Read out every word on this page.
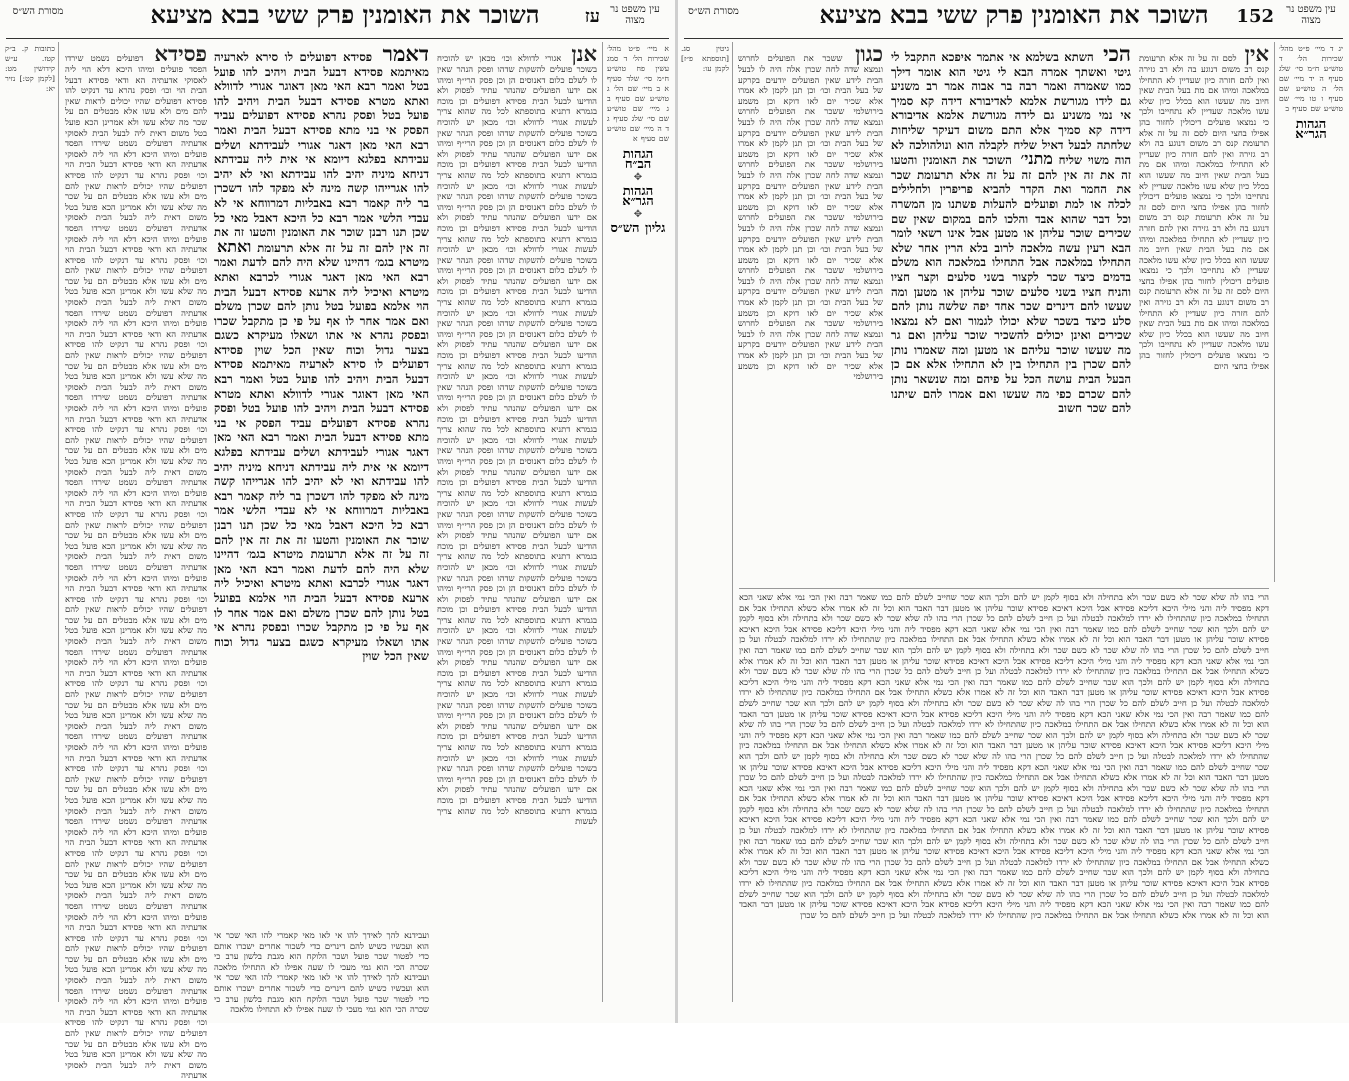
עין משפט נר מצוה
עז
השוכר את האומנין פרק ששי בבא מציעא
מסורת הש״ס
א מיי׳ פ״ט מהל׳ שכירות הל׳ ד סמג עשין פח טוש״ע ח״מ סי׳ שלד סעיף א ב מיי׳ שם הל׳ ג טוש״ע שם סעיף ב ג מיי׳ שם טוש״ע שם סי׳ שלג סעיף ג ד ה מיי׳ שם טוש״ע שם סעיף א
הגהות הב״ח
✥
הגהות הגר״א
✥
גליון הש״ס
אנן אגורי לדוולא וכו׳ מכאן יש להוכיח בשוכר פועלים להשקות שדהו ופסק הנהר שאין לו לשלם כלום דאנוסים הן וכן פסק הרי״ף ומיהו אם ידעו הפועלים שהנהר עתיד לפסוק ולא הודיעו לבעל הבית פסידא דפועלים וכן מוכח בגמרא דתניא בתוספתא לכל מה שהוא צריך לעשות אגורי לדוולא וכו׳ מכאן יש להוכיח בשוכר פועלים להשקות שדהו ופסק הנהר שאין לו לשלם כלום דאנוסים הן וכן פסק הרי״ף ומיהו אם ידעו הפועלים שהנהר עתיד לפסוק ולא הודיעו לבעל הבית פסידא דפועלים וכן מוכח בגמרא דתניא בתוספתא לכל מה שהוא צריך לעשות אגורי לדוולא וכו׳ מכאן יש להוכיח בשוכר פועלים להשקות שדהו ופסק הנהר שאין לו לשלם כלום דאנוסים הן וכן פסק הרי״ף ומיהו אם ידעו הפועלים שהנהר עתיד לפסוק ולא הודיעו לבעל הבית פסידא דפועלים וכן מוכח בגמרא דתניא בתוספתא לכל מה שהוא צריך לעשות אגורי לדוולא וכו׳ מכאן יש להוכיח בשוכר פועלים להשקות שדהו ופסק הנהר שאין לו לשלם כלום דאנוסים הן וכן פסק הרי״ף ומיהו אם ידעו הפועלים שהנהר עתיד לפסוק ולא הודיעו לבעל הבית פסידא דפועלים וכן מוכח בגמרא דתניא בתוספתא לכל מה שהוא צריך לעשות אגורי לדוולא וכו׳ מכאן יש להוכיח בשוכר פועלים להשקות שדהו ופסק הנהר שאין לו לשלם כלום דאנוסים הן וכן פסק הרי״ף ומיהו אם ידעו הפועלים שהנהר עתיד לפסוק ולא הודיעו לבעל הבית פסידא דפועלים וכן מוכח בגמרא דתניא בתוספתא לכל מה שהוא צריך לעשות אגורי לדוולא וכו׳ מכאן יש להוכיח בשוכר פועלים להשקות שדהו ופסק הנהר שאין לו לשלם כלום דאנוסים הן וכן פסק הרי״ף ומיהו אם ידעו הפועלים שהנהר עתיד לפסוק ולא הודיעו לבעל הבית פסידא דפועלים וכן מוכח בגמרא דתניא בתוספתא לכל מה שהוא צריך לעשות אגורי לדוולא וכו׳ מכאן יש להוכיח בשוכר פועלים להשקות שדהו ופסק הנהר שאין לו לשלם כלום דאנוסים הן וכן פסק הרי״ף ומיהו אם ידעו הפועלים שהנהר עתיד לפסוק ולא הודיעו לבעל הבית פסידא דפועלים וכן מוכח בגמרא דתניא בתוספתא לכל מה שהוא צריך לעשות אגורי לדוולא וכו׳ מכאן יש להוכיח בשוכר פועלים להשקות שדהו ופסק הנהר שאין לו לשלם כלום דאנוסים הן וכן פסק הרי״ף ומיהו אם ידעו הפועלים שהנהר עתיד לפסוק ולא הודיעו לבעל הבית פסידא דפועלים וכן מוכח בגמרא דתניא בתוספתא לכל מה שהוא צריך לעשות אגורי לדוולא וכו׳ מכאן יש להוכיח בשוכר פועלים להשקות שדהו ופסק הנהר שאין לו לשלם כלום דאנוסים הן וכן פסק הרי״ף ומיהו אם ידעו הפועלים שהנהר עתיד לפסוק ולא הודיעו לבעל הבית פסידא דפועלים וכן מוכח בגמרא דתניא בתוספתא לכל מה שהוא צריך לעשות אגורי לדוולא וכו׳ מכאן יש להוכיח בשוכר פועלים להשקות שדהו ופסק הנהר שאין לו לשלם כלום דאנוסים הן וכן פסק הרי״ף ומיהו אם ידעו הפועלים שהנהר עתיד לפסוק ולא הודיעו לבעל הבית פסידא דפועלים וכן מוכח בגמרא דתניא בתוספתא לכל מה שהוא צריך לעשות אגורי לדוולא וכו׳ מכאן יש להוכיח בשוכר פועלים להשקות שדהו ופסק הנהר שאין לו לשלם כלום דאנוסים הן וכן פסק הרי״ף ומיהו אם ידעו הפועלים שהנהר עתיד לפסוק ולא הודיעו לבעל הבית פסידא דפועלים וכן מוכח בגמרא דתניא בתוספתא לכל מה שהוא צריך לעשות אגורי לדוולא וכו׳ מכאן יש להוכיח בשוכר פועלים להשקות שדהו ופסק הנהר שאין לו לשלם כלום דאנוסים הן וכן פסק הרי״ף ומיהו אם ידעו הפועלים שהנהר עתיד לפסוק ולא הודיעו לבעל הבית פסידא דפועלים וכן מוכח בגמרא דתניא בתוספתא לכל מה שהוא צריך לעשות
דאמר פסידא דפועלים לו סירא לארעיה מאיתמא פסידא דבעל הבית ויהיב להו פועל בטל ואמר רבא האי מאן דאוגר אגורי לדוולא ואתא מטרא פסידא דבעל הבית ויהיב להו פועל בטל ופסק נהרא פסידא דפועלים עביד הפסק אי בני מתא פסידא דבעל הבית ואמר רבא האי מאן דאגר אגורי לעבידתא ושלים עבידתא בפלגא דיומא אי אית ליה עבידתא דניחא מיניה יהיב להו עבידתא ואי לא יהיב להו אגרייהו קשה מינה לא מפקד להו דשכרן בר ליה קאמר רבא באבליות דמרווחא אי לא עבדי הלשי אמר רבא כל היכא דאבל מאי כל שכן תנו רבנן שוכר את האומנין והטעו זה את זה אין להם זה על זה אלא תרעומת ואתא מיטרא בגמ׳ דהיינו שלא היה להם לדעת ואמר רבא האי מאן דאגר אגורי לכרבא ואתא מיטרא ואיכיל ליה ארעא פסידא דבעל הבית הוי אלמא בפועל בטל נותן להם שכרן משלם ואם אמר אחר לו אף על פי כן מתקבל שכרו ובפסק נהרא אי אתו ושאלו מעיקרא כשגם בצער גדול וכוח שאין הכל שוין פסידא דפועלים לו סירא לארעיה מאיתמא פסידא דבעל הבית ויהיב להו פועל בטל ואמר רבא האי מאן דאוגר אגורי לדוולא ואתא מטרא פסידא דבעל הבית ויהיב להו פועל בטל ופסק נהרא פסידא דפועלים עביד הפסק אי בני מתא פסידא דבעל הבית ואמר רבא האי מאן דאגר אגורי לעבידתא ושלים עבידתא בפלגא דיומא אי אית ליה עבידתא דניחא מיניה יהיב להו עבידתא ואי לא יהיב להו אגרייהו קשה מינה לא מפקד להו דשכרן בר ליה קאמר רבא באבליות דמרווחא אי לא עבדי הלשי אמר רבא כל היכא דאבל מאי כל שכן תנו רבנן שוכר את האומנין והטעו זה את זה אין להם זה על זה אלא תרעומת מיטרא בגמ׳ דהיינו שלא היה להם לדעת ואמר רבא האי מאן דאגר אגורי לכרבא ואתא מיטרא ואיכיל ליה ארעא פסידא דבעל הבית הוי אלמא בפועל בטל נותן להם שכרן משלם ואם אמר אחר לו אף על פי כן מתקבל שכרו ובפסק נהרא אי אתו ושאלו מעיקרא כשגם בצער גדול וכוח שאין הכל שוין
פסידא דפועלים נשמט שירדו הפסד פועלים ומיהו היכא דלא הוי ליה לאסוקי אדעתיה הא ודאי פסידא דבעל הבית הוי וכו׳ ופסק נהרא עד דנקיט להו פסידא דפועלים שהיו יכולים לראות שאין להם מים ולא עשו אלא מבטלים הם על שכר מה שלא עשו ולא אמרינן הכא פועל בטל משום דאית ליה לבעל הבית לאסוקי אדעתיה דפועלים נשמט שירדו הפסד פועלים ומיהו היכא דלא הוי ליה לאסוקי אדעתיה הא ודאי פסידא דבעל הבית הוי וכו׳ ופסק נהרא עד דנקיט להו פסידא דפועלים שהיו יכולים לראות שאין להם מים ולא עשו אלא מבטלים הם על שכר מה שלא עשו ולא אמרינן הכא פועל בטל משום דאית ליה לבעל הבית לאסוקי אדעתיה דפועלים נשמט שירדו הפסד פועלים ומיהו היכא דלא הוי ליה לאסוקי אדעתיה הא ודאי פסידא דבעל הבית הוי וכו׳ ופסק נהרא עד דנקיט להו פסידא דפועלים שהיו יכולים לראות שאין להם מים ולא עשו אלא מבטלים הם על שכר מה שלא עשו ולא אמרינן הכא פועל בטל משום דאית ליה לבעל הבית לאסוקי אדעתיה דפועלים נשמט שירדו הפסד פועלים ומיהו היכא דלא הוי ליה לאסוקי אדעתיה הא ודאי פסידא דבעל הבית הוי וכו׳ ופסק נהרא עד דנקיט להו פסידא דפועלים שהיו יכולים לראות שאין להם מים ולא עשו אלא מבטלים הם על שכר מה שלא עשו ולא אמרינן הכא פועל בטל משום דאית ליה לבעל הבית לאסוקי אדעתיה דפועלים נשמט שירדו הפסד פועלים ומיהו היכא דלא הוי ליה לאסוקי אדעתיה הא ודאי פסידא דבעל הבית הוי וכו׳ ופסק נהרא עד דנקיט להו פסידא דפועלים שהיו יכולים לראות שאין להם מים ולא עשו אלא מבטלים הם על שכר מה שלא עשו ולא אמרינן הכא פועל בטל משום דאית ליה לבעל הבית לאסוקי אדעתיה דפועלים נשמט שירדו הפסד פועלים ומיהו היכא דלא הוי ליה לאסוקי אדעתיה הא ודאי פסידא דבעל הבית הוי וכו׳ ופסק נהרא עד דנקיט להו פסידא דפועלים שהיו יכולים לראות שאין להם מים ולא עשו אלא מבטלים הם על שכר מה שלא עשו ולא אמרינן הכא פועל בטל משום דאית ליה לבעל הבית לאסוקי אדעתיה דפועלים נשמט שירדו הפסד פועלים ומיהו היכא דלא הוי ליה לאסוקי אדעתיה הא ודאי פסידא דבעל הבית הוי וכו׳ ופסק נהרא עד דנקיט להו פסידא דפועלים שהיו יכולים לראות שאין להם מים ולא עשו אלא מבטלים הם על שכר מה שלא עשו ולא אמרינן הכא פועל בטל משום דאית ליה לבעל הבית לאסוקי אדעתיה דפועלים נשמט שירדו הפסד פועלים ומיהו היכא דלא הוי ליה לאסוקי אדעתיה הא ודאי פסידא דבעל הבית הוי וכו׳ ופסק נהרא עד דנקיט להו פסידא דפועלים שהיו יכולים לראות שאין להם מים ולא עשו אלא מבטלים הם על שכר מה שלא עשו ולא אמרינן הכא פועל בטל משום דאית ליה לבעל הבית לאסוקי אדעתיה דפועלים נשמט שירדו הפסד פועלים ומיהו היכא דלא הוי ליה לאסוקי אדעתיה הא ודאי פסידא דבעל הבית הוי וכו׳ ופסק נהרא עד דנקיט להו פסידא דפועלים שהיו יכולים לראות שאין להם מים ולא עשו אלא מבטלים הם על שכר מה שלא עשו ולא אמרינן הכא פועל בטל משום דאית ליה לבעל הבית לאסוקי אדעתיה דפועלים נשמט שירדו הפסד פועלים ומיהו היכא דלא הוי ליה לאסוקי אדעתיה הא ודאי פסידא דבעל הבית הוי וכו׳ ופסק נהרא עד דנקיט להו פסידא דפועלים שהיו יכולים לראות שאין להם מים ולא עשו אלא מבטלים הם על שכר מה שלא עשו ולא אמרינן הכא פועל בטל משום דאית ליה לבעל הבית לאסוקי אדעתיה דפועלים נשמט שירדו הפסד פועלים ומיהו היכא דלא הוי ליה לאסוקי אדעתיה הא ודאי פסידא דבעל הבית הוי וכו׳ ופסק נהרא עד דנקיט להו פסידא דפועלים שהיו יכולים לראות שאין להם מים ולא עשו אלא מבטלים הם על שכר מה שלא עשו ולא אמרינן הכא פועל בטל משום דאית ליה לבעל הבית לאסוקי אדעתיה דפועלים נשמט שירדו הפסד פועלים ומיהו היכא דלא הוי ליה לאסוקי אדעתיה הא ודאי פסידא דבעל הבית הוי וכו׳ ופסק נהרא עד דנקיט להו פסידא דפועלים שהיו יכולים לראות שאין להם מים ולא עשו אלא מבטלים הם על שכר מה שלא עשו ולא אמרינן הכא פועל בטל משום דאית ליה לבעל הבית לאסוקי אדעתיה
כתובות ק. ב״ק קטז. ע״ש קידושין מט: [לקמן קט:] נזיר יא:
ועבידנא להך לאידך להו אי לאו מאי קאמרי להו האי שכר אי הוא ועכשיו כשיש להם דינרים כדי לשכור אחרים ישכרו אותם כדי לפטור שכר פועל ושכר הלוקח הוא מגבת בלשון ערב כי שכרה הכי הוא גמי מעכי לו שעה אפילו לא התחילו מלאכה ועבידנא להך לאידך להו אי לאו מאי קאמרי להו האי שכר אי הוא ועכשיו כשיש להם דינרים כדי לשכור אחרים ישכרו אותם כדי לפטור שכר פועל ושכר הלוקח הוא מגבת בלשון ערב כי שכרה הכי הוא גמי מעכי לו שעה אפילו לא התחילו מלאכה
עין משפט נר מצוה
152
השוכר את האומנין פרק ששי בבא מציעא
מסורת הש״ס
יג ד מיי׳ פ״ט מהל׳ שכירות הל׳ ד טוש״ע ח״מ סי׳ שלג סעיף ה יד מיי׳ שם הל׳ ה טוש״ע שם סעיף ו טו מיי׳ שם טוש״ע שם סעיף ב
הגהות הגר״א
אין לסם זה על זה אלא תרעומת קנס רב משום דנוגע בה ולא רב גזירה ואין להם חזרה כיון שעדיין לא התחילו במלאכה ומיהו אם מת בעל הבית שאין חיוב מה שעשו הוא בכלל כיון שלא עשו מלאכה שעדיין לא נתחייבו ולכך כי נמצאו פועלים דיכולין לחזור בהן אפילו בחצי היום לסם זה על זה אלא תרעומת קנס רב משום דנוגע בה ולא רב גזירה ואין להם חזרה כיון שעדיין לא התחילו במלאכה ומיהו אם מת בעל הבית שאין חיוב מה שעשו הוא בכלל כיון שלא עשו מלאכה שעדיין לא נתחייבו ולכך כי נמצאו פועלים דיכולין לחזור בהן אפילו בחצי היום לסם זה על זה אלא תרעומת קנס רב משום דנוגע בה ולא רב גזירה ואין להם חזרה כיון שעדיין לא התחילו במלאכה ומיהו אם מת בעל הבית שאין חיוב מה שעשו הוא בכלל כיון שלא עשו מלאכה שעדיין לא נתחייבו ולכך כי נמצאו פועלים דיכולין לחזור בהן אפילו בחצי היום לסם זה על זה אלא תרעומת קנס רב משום דנוגע בה ולא רב גזירה ואין להם חזרה כיון שעדיין לא התחילו במלאכה ומיהו אם מת בעל הבית שאין חיוב מה שעשו הוא בכלל כיון שלא עשו מלאכה שעדיין לא נתחייבו ולכך כי נמצאו פועלים דיכולין לחזור בהן אפילו בחצי היום
הכי השתא בשלמא אי אתמר איפכא התקבל לי גיטי ואשתך אמרה הבא לי גיטי הוא אומר דילך כמו שאמרה ואמר רבה בר אבוה אמר רב משניע גם לידו מגורשת אלמא לאדיבורא דידה קא סמיך אי נמי משניע גם לידה מגורשת אלמא אדיבורא דידה קא סמיך אלא התם משום דעיקר שליחות שלחתה לבעל דאיל שליח לקבלה הוא ונולהולכה לא הוה משוי שליח מתני׳ השוכר את האומנין והטעו זה את זה אין להם זה על זה אלא תרעומת שכר את החמר ואת הקדר להביא פריפרין ולחלילים לכלה או למת ופועלים להעלות פשתנו מן המשרה וכל דבר שהוא אבד והלכו להם במקום שאין שם שכירים שוכר עליהן או מטען אבל אינו רשאי לומר הבא רעין עשה מלאכה לרוב בלא הרין אחר שלא התחילו במלאכה אבל התחילו במלאכה הוא משלם בדמים כיצד שכר לקצור בשני סלעים וקצר חציו והניח חציו בשני סלעים שוכר עליהן או מטען ומה שעשו להם דינרים שכר אחד יפה שלשה נותן להם סלע כיצד בשכר שלא יכולו לגמור ואם לא נמצאו שכירים ואינן יכולים להשכיר שוכר עליהן ואם גר מה שעשו שוכר עליהם או מטען ומה שאמרו נותן להם שכרן בין התחילו בין לא התחילו אלא אם כן הבעל הבית עושה הכל על פיהם ומה שנשאר נותן להם שכרם כפי מה שעשו ואם אמרו להם שיתנו להם שכר חשוב
כגון ששכר את הפועלים לחרוש ונמצא שדה לחה שכרן אלה היה לו לבעל הבית לידע שאין הפועלים יודעים בקרקע של בעל הבית וכו׳ וכן תנן לקמן לא אמרו אלא שכיר יום לאו דוקא וכן משמע בירושלמי ששכר את הפועלים לחרוש ונמצא שדה לחה שכרן אלה היה לו לבעל הבית לידע שאין הפועלים יודעים בקרקע של בעל הבית וכו׳ וכן תנן לקמן לא אמרו אלא שכיר יום לאו דוקא וכן משמע בירושלמי ששכר את הפועלים לחרוש ונמצא שדה לחה שכרן אלה היה לו לבעל הבית לידע שאין הפועלים יודעים בקרקע של בעל הבית וכו׳ וכן תנן לקמן לא אמרו אלא שכיר יום לאו דוקא וכן משמע בירושלמי ששכר את הפועלים לחרוש ונמצא שדה לחה שכרן אלה היה לו לבעל הבית לידע שאין הפועלים יודעים בקרקע של בעל הבית וכו׳ וכן תנן לקמן לא אמרו אלא שכיר יום לאו דוקא וכן משמע בירושלמי ששכר את הפועלים לחרוש ונמצא שדה לחה שכרן אלה היה לו לבעל הבית לידע שאין הפועלים יודעים בקרקע של בעל הבית וכו׳ וכן תנן לקמן לא אמרו אלא שכיר יום לאו דוקא וכן משמע בירושלמי ששכר את הפועלים לחרוש ונמצא שדה לחה שכרן אלה היה לו לבעל הבית לידע שאין הפועלים יודעים בקרקע של בעל הבית וכו׳ וכן תנן לקמן לא אמרו אלא שכיר יום לאו דוקא וכן משמע בירושלמי
גיטין סג. [תוספתא פ״ז] לקמן עו:
הרי בהו לה שלא שכר לא כשם שכר ולא בתחילה ולא בסוף לקמן יש להם ולכך הוא שכר שחייב לשלם להם כמו שאמר רבה ואין הכי נמי אלא שאני הכא דקא מפסיד ליה והני מילי היכא דליכא פסידא אבל היכא דאיכא פסידא שוכר עליהן או מטען דבר האבד הוא וכל זה לא אמרו אלא כשלא התחילו אבל אם התחילו במלאכה כיון שהתחילו לא ירדו למלאכה לבטלה ועל כן חייב לשלם להם כל שכרן הרי בהו לה שלא שכר לא כשם שכר ולא בתחילה ולא בסוף לקמן יש להם ולכך הוא שכר שחייב לשלם להם כמו שאמר רבה ואין הכי נמי אלא שאני הכא דקא מפסיד ליה והני מילי היכא דליכא פסידא אבל היכא דאיכא פסידא שוכר עליהן או מטען דבר האבד הוא וכל זה לא אמרו אלא כשלא התחילו אבל אם התחילו במלאכה כיון שהתחילו לא ירדו למלאכה לבטלה ועל כן חייב לשלם להם כל שכרן הרי בהו לה שלא שכר לא כשם שכר ולא בתחילה ולא בסוף לקמן יש להם ולכך הוא שכר שחייב לשלם להם כמו שאמר רבה ואין הכי נמי אלא שאני הכא דקא מפסיד ליה והני מילי היכא דליכא פסידא אבל היכא דאיכא פסידא שוכר עליהן או מטען דבר האבד הוא וכל זה לא אמרו אלא כשלא התחילו אבל אם התחילו במלאכה כיון שהתחילו לא ירדו למלאכה לבטלה ועל כן חייב לשלם להם כל שכרן הרי בהו לה שלא שכר לא כשם שכר ולא בתחילה ולא בסוף לקמן יש להם ולכך הוא שכר שחייב לשלם להם כמו שאמר רבה ואין הכי נמי אלא שאני הכא דקא מפסיד ליה והני מילי היכא דליכא פסידא אבל היכא דאיכא פסידא שוכר עליהן או מטען דבר האבד הוא וכל זה לא אמרו אלא כשלא התחילו אבל אם התחילו במלאכה כיון שהתחילו לא ירדו למלאכה לבטלה ועל כן חייב לשלם להם כל שכרן הרי בהו לה שלא שכר לא כשם שכר ולא בתחילה ולא בסוף לקמן יש להם ולכך הוא שכר שחייב לשלם להם כמו שאמר רבה ואין הכי נמי אלא שאני הכא דקא מפסיד ליה והני מילי היכא דליכא פסידא אבל היכא דאיכא פסידא שוכר עליהן או מטען דבר האבד הוא וכל זה לא אמרו אלא כשלא התחילו אבל אם התחילו במלאכה כיון שהתחילו לא ירדו למלאכה לבטלה ועל כן חייב לשלם להם כל שכרן הרי בהו לה שלא שכר לא כשם שכר ולא בתחילה ולא בסוף לקמן יש להם ולכך הוא שכר שחייב לשלם להם כמו שאמר רבה ואין הכי נמי אלא שאני הכא דקא מפסיד ליה והני מילי היכא דליכא פסידא אבל היכא דאיכא פסידא שוכר עליהן או מטען דבר האבד הוא וכל זה לא אמרו אלא כשלא התחילו אבל אם התחילו במלאכה כיון שהתחילו לא ירדו למלאכה לבטלה ועל כן חייב לשלם להם כל שכרן הרי בהו לה שלא שכר לא כשם שכר ולא בתחילה ולא בסוף לקמן יש להם ולכך הוא שכר שחייב לשלם להם כמו שאמר רבה ואין הכי נמי אלא שאני הכא דקא מפסיד ליה והני מילי היכא דליכא פסידא אבל היכא דאיכא פסידא שוכר עליהן או מטען דבר האבד הוא וכל זה לא אמרו אלא כשלא התחילו אבל אם התחילו במלאכה כיון שהתחילו לא ירדו למלאכה לבטלה ועל כן חייב לשלם להם כל שכרן הרי בהו לה שלא שכר לא כשם שכר ולא בתחילה ולא בסוף לקמן יש להם ולכך הוא שכר שחייב לשלם להם כמו שאמר רבה ואין הכי נמי אלא שאני הכא דקא מפסיד ליה והני מילי היכא דליכא פסידא אבל היכא דאיכא פסידא שוכר עליהן או מטען דבר האבד הוא וכל זה לא אמרו אלא כשלא התחילו אבל אם התחילו במלאכה כיון שהתחילו לא ירדו למלאכה לבטלה ועל כן חייב לשלם להם כל שכרן הרי בהו לה שלא שכר לא כשם שכר ולא בתחילה ולא בסוף לקמן יש להם ולכך הוא שכר שחייב לשלם להם כמו שאמר רבה ואין הכי נמי אלא שאני הכא דקא מפסיד ליה והני מילי היכא דליכא פסידא אבל היכא דאיכא פסידא שוכר עליהן או מטען דבר האבד הוא וכל זה לא אמרו אלא כשלא התחילו אבל אם התחילו במלאכה כיון שהתחילו לא ירדו למלאכה לבטלה ועל כן חייב לשלם להם כל שכרן הרי בהו לה שלא שכר לא כשם שכר ולא בתחילה ולא בסוף לקמן יש להם ולכך הוא שכר שחייב לשלם להם כמו שאמר רבה ואין הכי נמי אלא שאני הכא דקא מפסיד ליה והני מילי היכא דליכא פסידא אבל היכא דאיכא פסידא שוכר עליהן או מטען דבר האבד הוא וכל זה לא אמרו אלא כשלא התחילו אבל אם התחילו במלאכה כיון שהתחילו לא ירדו למלאכה לבטלה ועל כן חייב לשלם להם כל שכרן הרי בהו לה שלא שכר לא כשם שכר ולא בתחילה ולא בסוף לקמן יש להם ולכך הוא שכר שחייב לשלם להם כמו שאמר רבה ואין הכי נמי אלא שאני הכא דקא מפסיד ליה והני מילי היכא דליכא פסידא אבל היכא דאיכא פסידא שוכר עליהן או מטען דבר האבד הוא וכל זה לא אמרו אלא כשלא התחילו אבל אם התחילו במלאכה כיון שהתחילו לא ירדו למלאכה לבטלה ועל כן חייב לשלם להם כל שכרן הרי בהו לה שלא שכר לא כשם שכר ולא בתחילה ולא בסוף לקמן יש להם ולכך הוא שכר שחייב לשלם להם כמו שאמר רבה ואין הכי נמי אלא שאני הכא דקא מפסיד ליה והני מילי היכא דליכא פסידא אבל היכא דאיכא פסידא שוכר עליהן או מטען דבר האבד הוא וכל זה לא אמרו אלא כשלא התחילו אבל אם התחילו במלאכה כיון שהתחילו לא ירדו למלאכה לבטלה ועל כן חייב לשלם להם כל שכרן
